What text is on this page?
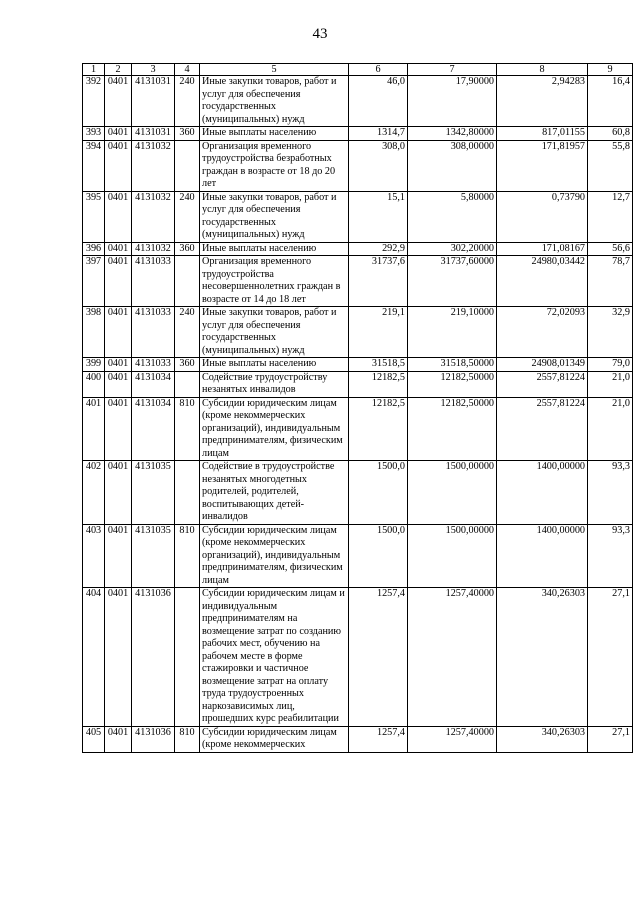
43
1	2	3	4	5	6	7	8	9
392	0401	4131031	240	Иные закупки товаров, работ и услуг для обеспечения государственных (муниципальных) нужд	46,0	17,90000	2,94283	16,4
393	0401	4131031	360	Иные выплаты населению	1314,7	1342,80000	817,01155	60,8
394	0401	4131032		Организация временного трудоустройства безработных граждан в возрасте от 18 до 20 лет	308,0	308,00000	171,81957	55,8
395	0401	4131032	240	Иные закупки товаров, работ и услуг для обеспечения государственных (муниципальных) нужд	15,1	5,80000	0,73790	12,7
396	0401	4131032	360	Иные выплаты населению	292,9	302,20000	171,08167	56,6
397	0401	4131033		Организация временного трудоустройства несовершеннолетних граждан в возрасте от 14 до 18 лет	31737,6	31737,60000	24980,03442	78,7
398	0401	4131033	240	Иные закупки товаров, работ и услуг для обеспечения государственных (муниципальных) нужд	219,1	219,10000	72,02093	32,9
399	0401	4131033	360	Иные выплаты населению	31518,5	31518,50000	24908,01349	79,0
400	0401	4131034		Содействие трудоустройству незанятых инвалидов	12182,5	12182,50000	2557,81224	21,0
401	0401	4131034	810	Субсидии юридическим лицам (кроме некоммерческих организаций), индивидуальным предпринимателям, физическим лицам	12182,5	12182,50000	2557,81224	21,0
402	0401	4131035		Содействие в трудоустройстве незанятых многодетных родителей, родителей, воспитывающих детей-инвалидов	1500,0	1500,00000	1400,00000	93,3
403	0401	4131035	810	Субсидии юридическим лицам (кроме некоммерческих организаций), индивидуальным предпринимателям, физическим лицам	1500,0	1500,00000	1400,00000	93,3
404	0401	4131036		Субсидии юридическим лицам и индивидуальным предпринимателям на возмещение затрат по созданию рабочих мест, обучению на рабочем месте в форме стажировки и частичное возмещение затрат на оплату труда трудоустроенных наркозависимых лиц, прошедших курс реабилитации	1257,4	1257,40000	340,26303	27,1
405	0401	4131036	810	Субсидии юридическим лицам (кроме некоммерческих	1257,4	1257,40000	340,26303	27,1
